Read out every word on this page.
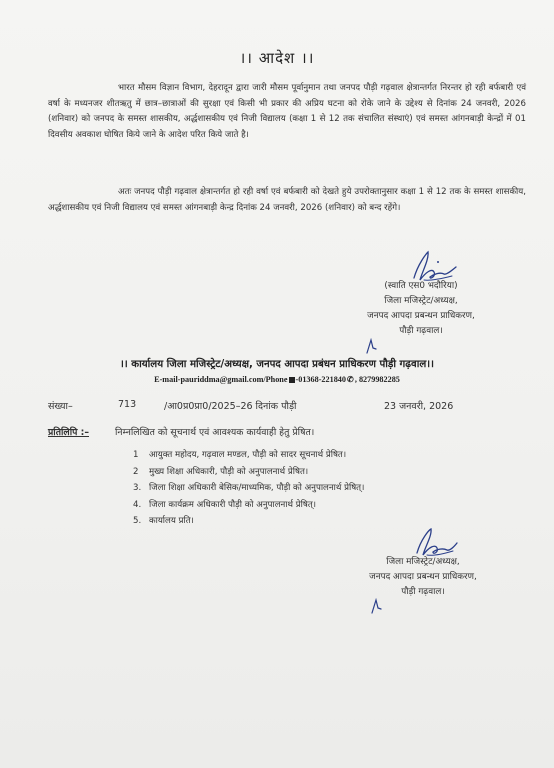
।। आदेश ।।

भारत मौसम विज्ञान विभाग, देहरादून द्वारा जारी मौसम पूर्वानुमान तथा जनपद पौड़ी गढ़वाल क्षेत्रान्तर्गत निरन्तर हो रही बर्फबारी एवं वर्षा के मध्यनजर शीतऋतु में छात्र–छात्राओं की सुरक्षा एवं किसी भी प्रकार की अप्रिय घटना को रोके जाने के उद्देश्य से दिनांक 24 जनवरी, 2026 (शनिवार) को जनपद के समस्त शासकीय, अर्द्धशासकीय एवं निजी विद्यालय (कक्षा 1 से 12 तक संचालित संस्थाएं) एवं समस्त आंगनबाड़ी केन्द्रों में 01 दिवसीय अवकाश घोषित किये जाने के आदेश परित किये जाते है।

अतः जनपद पौड़ी गढ़वाल क्षेत्रान्तर्गत हो रही वर्षा एवं बर्फबारी को देखते हुये उपरोक्तानुसार कक्षा 1 से 12 तक के समस्त शासकीय, अर्द्धशासकीय एवं निजी विद्यालय एवं समस्त आंगनबाड़ी केन्द्र दिनांक 24 जनवरी, 2026 (शनिवार) को बन्द रहेंगे।

(स्वाति एस0 भदौरिया)
जिला मजिस्ट्रेट/अध्यक्ष,
जनपद आपदा प्रबन्धन प्राधिकरण,
पौड़ी गढ़वाल।
।। कार्यालय जिला मजिस्ट्रेट/अध्यक्ष, जनपद आपदा प्रबंधन प्राधिकरण पौड़ी गढ़वाल।।
E-mail-pauriddma@gmail.com/Phone -01368-221840✆, 8279982285
संख्या–	713	/आ0प्र0प्रा0/2025–26 दिनांक पौड़ी	23 जनवरी, 2026
प्रतिलिपि :–	निम्नलिखित को सूचनार्थ एवं आवश्यक कार्यवाही हेतु प्रेषित।
1 आयुक्त महोदय, गढ़वाल मण्डल, पौड़ी को सादर सूचनार्थ प्रेषित।
2 मुख्य शिक्षा अधिकारी, पौड़ी को अनुपालनार्थ प्रेषित।
3. जिला शिक्षा अधिकारी बेसिक/माध्यमिक, पौड़ी को अनुपालनार्थ प्रेषित्।
4. जिला कार्यक्रम अधिकारी पौड़ी को अनुपालनार्थ प्रेषित्।
5. कार्यालय प्रति।
जिला मजिस्ट्रेट/अध्यक्ष,
जनपद आपदा प्रबन्धन प्राधिकरण,
पौड़ी गढ़वाल।
